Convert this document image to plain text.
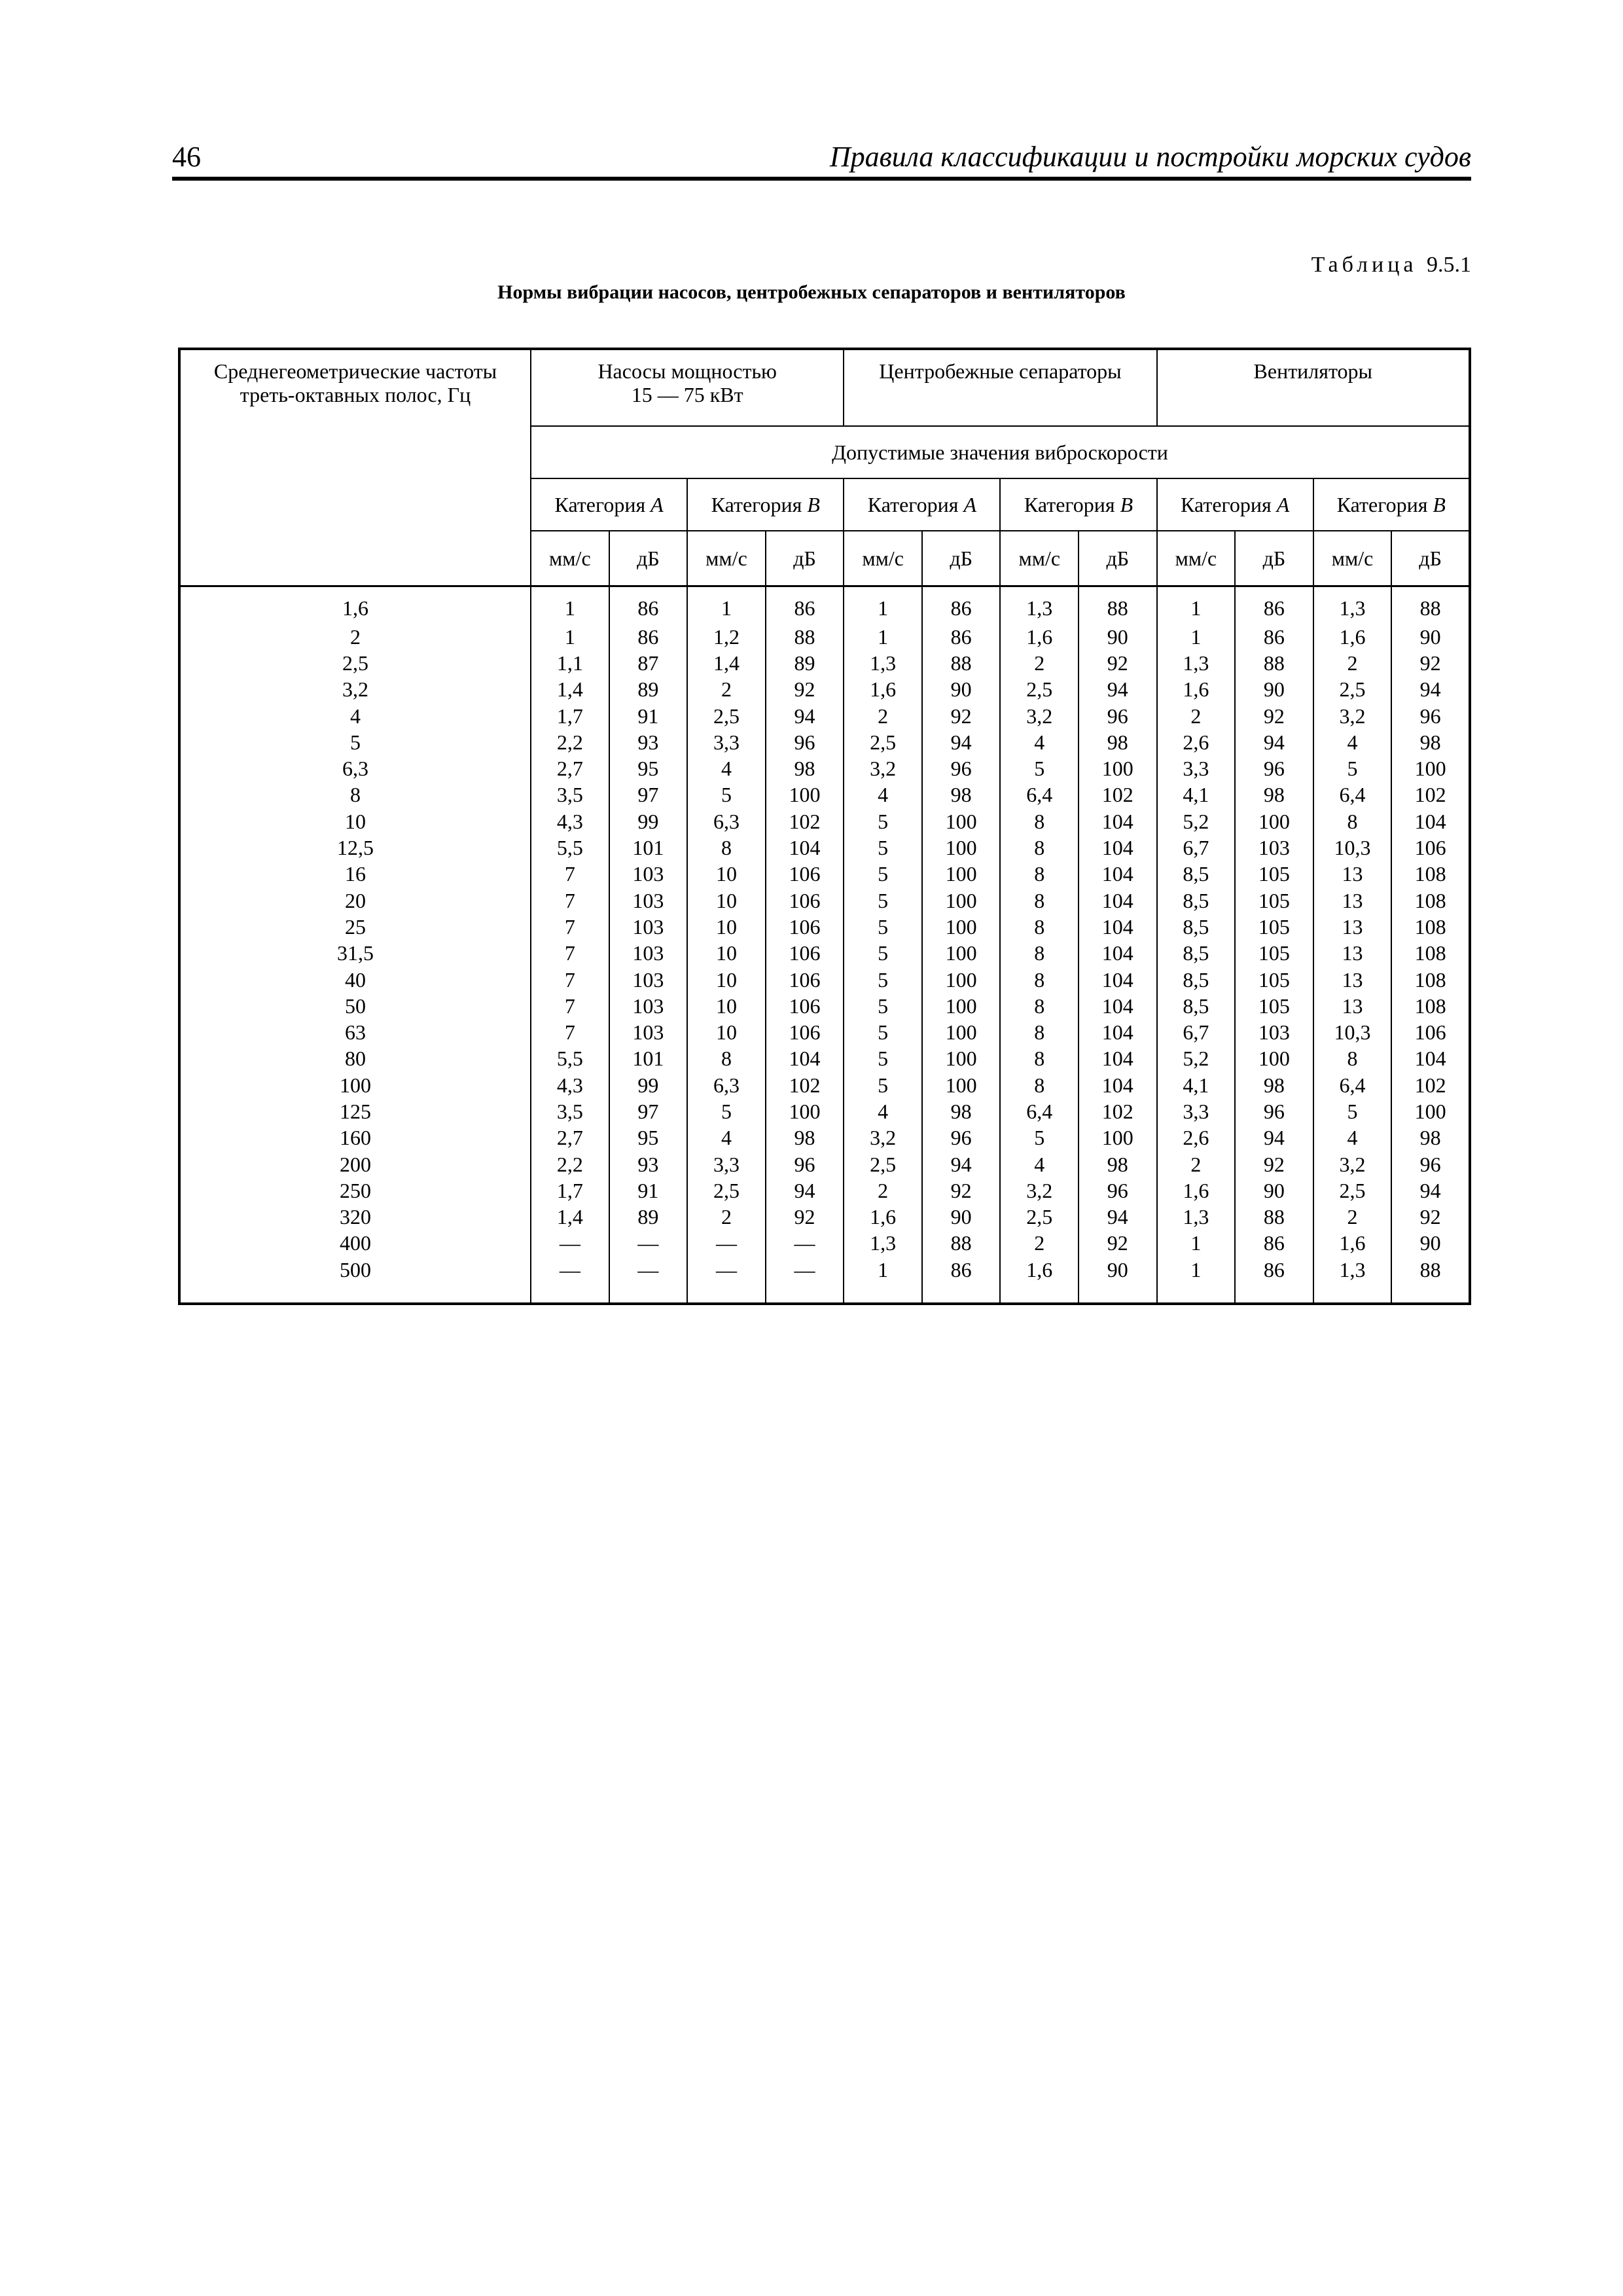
46	Правила классификации и постройки морских судов
Таблица 9.5.1
Нормы вибрации насосов, центробежных сепараторов и вентиляторов
Среднегеометрические частоты
треть-октавных полос, Гц	Насосы мощностью
15 — 75 кВт				Центробежные сепараторы				Вентиляторы			
	Допустимые значения виброскорости											
	Категория A		Категория B		Категория A		Категория B		Категория A		Категория B	
	мм/с	дБ	мм/с	дБ	мм/с	дБ	мм/с	дБ	мм/с	дБ	мм/с	дБ
1,6	1	86	1	86	1	86	1,3	88	1	86	1,3	88
2	1	86	1,2	88	1	86	1,6	90	1	86	1,6	90
2,5	1,1	87	1,4	89	1,3	88	2	92	1,3	88	2	92
3,2	1,4	89	2	92	1,6	90	2,5	94	1,6	90	2,5	94
4	1,7	91	2,5	94	2	92	3,2	96	2	92	3,2	96
5	2,2	93	3,3	96	2,5	94	4	98	2,6	94	4	98
6,3	2,7	95	4	98	3,2	96	5	100	3,3	96	5	100
8	3,5	97	5	100	4	98	6,4	102	4,1	98	6,4	102
10	4,3	99	6,3	102	5	100	8	104	5,2	100	8	104
12,5	5,5	101	8	104	5	100	8	104	6,7	103	10,3	106
16	7	103	10	106	5	100	8	104	8,5	105	13	108
20	7	103	10	106	5	100	8	104	8,5	105	13	108
25	7	103	10	106	5	100	8	104	8,5	105	13	108
31,5	7	103	10	106	5	100	8	104	8,5	105	13	108
40	7	103	10	106	5	100	8	104	8,5	105	13	108
50	7	103	10	106	5	100	8	104	8,5	105	13	108
63	7	103	10	106	5	100	8	104	6,7	103	10,3	106
80	5,5	101	8	104	5	100	8	104	5,2	100	8	104
100	4,3	99	6,3	102	5	100	8	104	4,1	98	6,4	102
125	3,5	97	5	100	4	98	6,4	102	3,3	96	5	100
160	2,7	95	4	98	3,2	96	5	100	2,6	94	4	98
200	2,2	93	3,3	96	2,5	94	4	98	2	92	3,2	96
250	1,7	91	2,5	94	2	92	3,2	96	1,6	90	2,5	94
320	1,4	89	2	92	1,6	90	2,5	94	1,3	88	2	92
400	—	—	—	—	1,3	88	2	92	1	86	1,6	90
500	—	—	—	—	1	86	1,6	90	1	86	1,3	88
